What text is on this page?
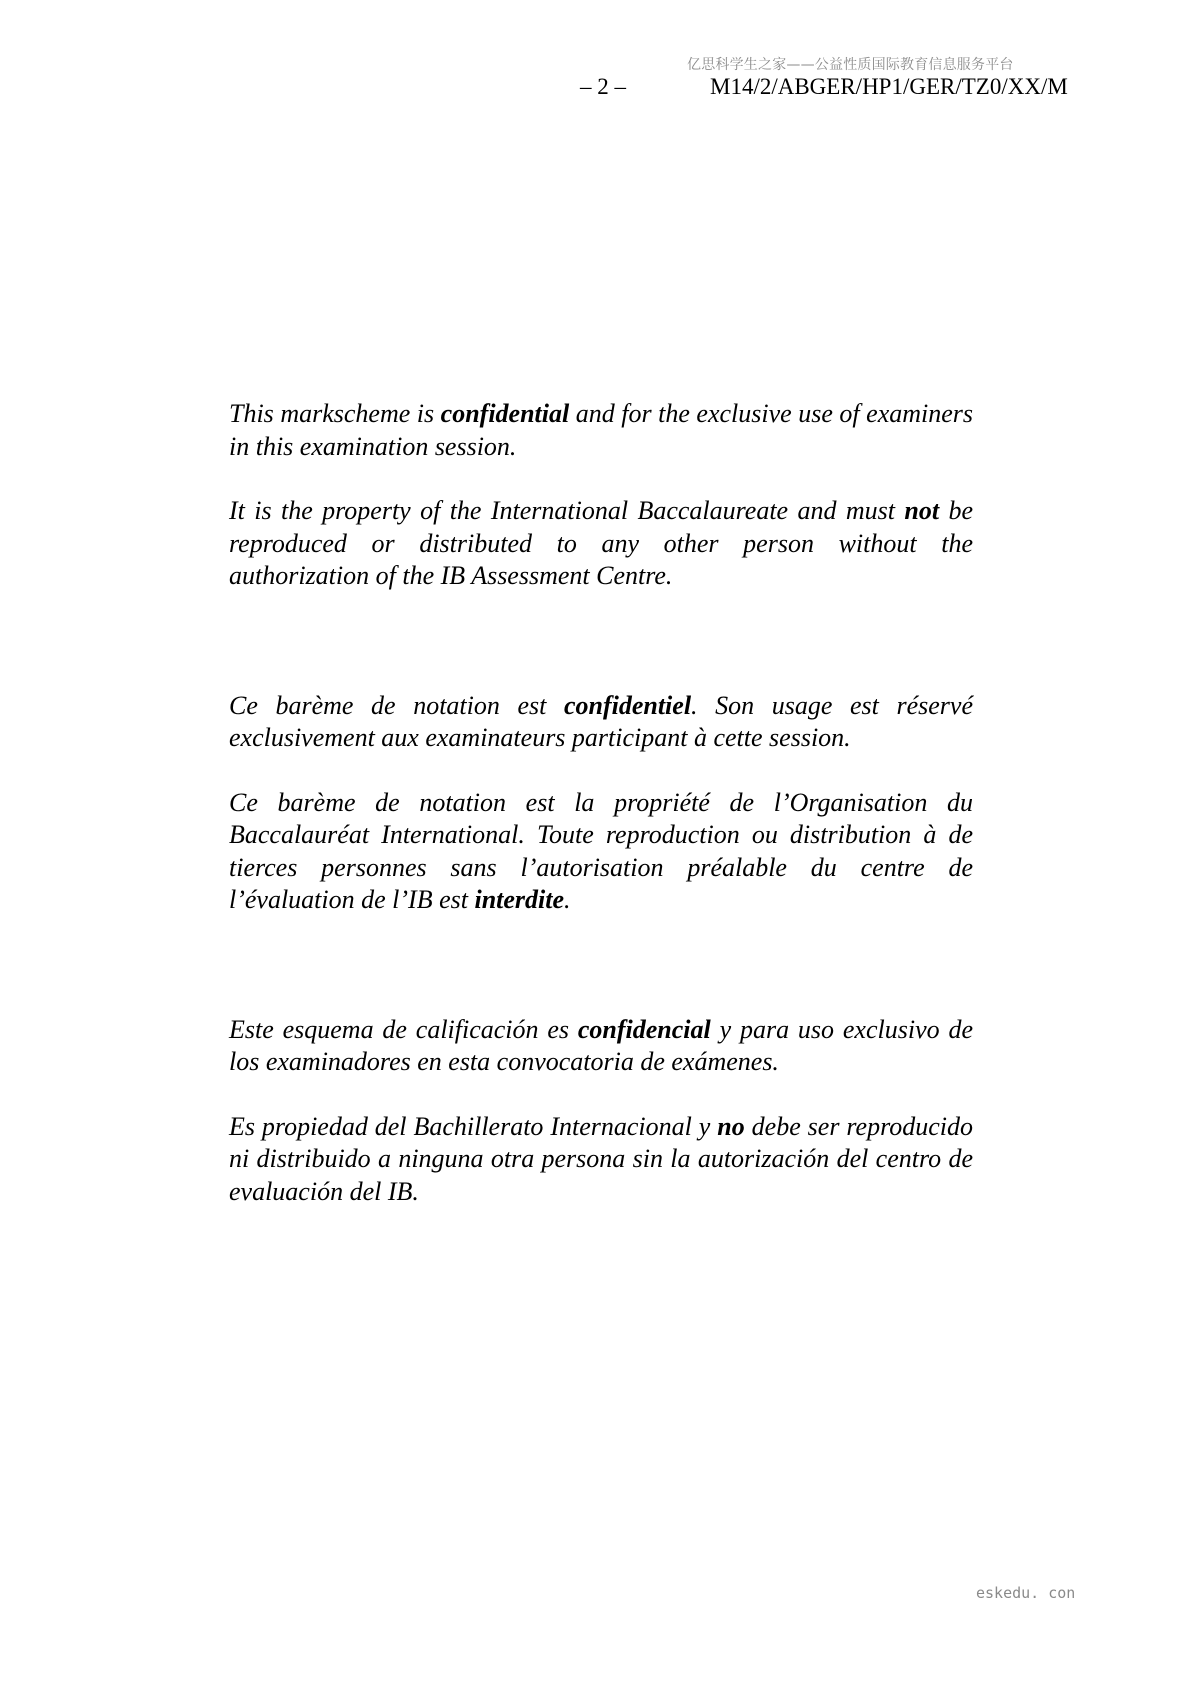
亿思科学生之家——公益性质国际教育信息服务平台
– 2 –	M14/2/ABGER/HP1/GER/TZ0/XX/M

This markscheme is confidential and for the exclusive use of examiners in this examination session.

It is the property of the International Baccalaureate and must not be reproduced or distributed to any other person without the authorization of the IB Assessment Centre.

Ce barème de notation est confidentiel. Son usage est réservé exclusivement aux examinateurs participant à cette session.

Ce barème de notation est la propriété de l’Organisation du Baccalauréat International. Toute reproduction ou distribution à de tierces personnes sans l’autorisation préalable du centre de l’évaluation de l’IB est interdite.

Este esquema de calificación es confidencial y para uso exclusivo de los examinadores en esta convocatoria de exámenes.

Es propiedad del Bachillerato Internacional y no debe ser reproducido ni distribuido a ninguna otra persona sin la autorización del centro de evaluación del IB.

eskedu. con
